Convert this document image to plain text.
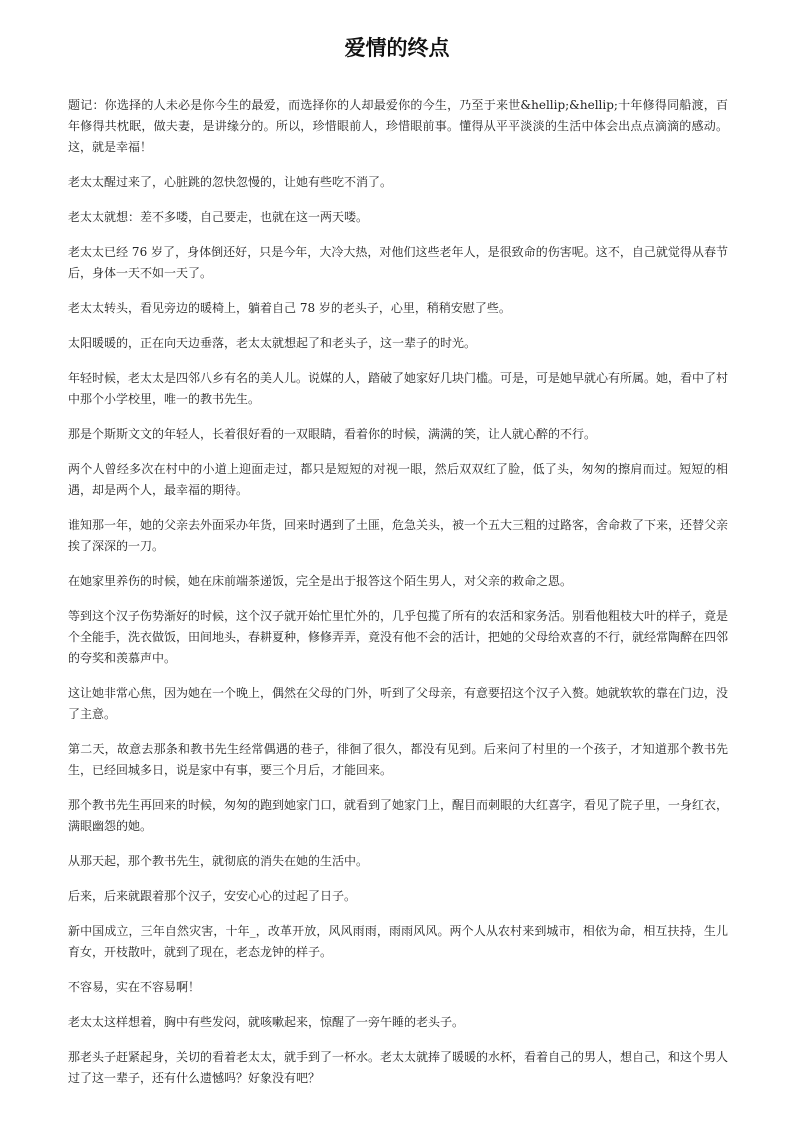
爱情的终点

题记：你选择的人未必是你今生的最爱，而选择你的人却最爱你的今生，乃至于来世&hellip;&hellip;十年修得同船渡，百年修得共枕眠，做夫妻，是讲缘分的。所以，珍惜眼前人，珍惜眼前事。懂得从平平淡淡的生活中体会出点点滴滴的感动。这，就是幸福！

老太太醒过来了，心脏跳的忽快忽慢的，让她有些吃不消了。

老太太就想：差不多喽，自己要走，也就在这一两天喽。

老太太已经 76 岁了，身体倒还好，只是今年，大冷大热，对他们这些老年人，是很致命的伤害呢。这不，自己就觉得从春节后，身体一天不如一天了。

老太太转头，看见旁边的暖椅上，躺着自己 78 岁的老头子，心里，稍稍安慰了些。

太阳暖暖的，正在向天边垂落，老太太就想起了和老头子，这一辈子的时光。

年轻时候，老太太是四邻八乡有名的美人儿。说媒的人，踏破了她家好几块门槛。可是，可是她早就心有所属。她，看中了村中那个小学校里，唯一的教书先生。

那是个斯斯文文的年轻人，长着很好看的一双眼睛，看着你的时候，满满的笑，让人就心醉的不行。

两个人曾经多次在村中的小道上迎面走过，都只是短短的对视一眼，然后双双红了脸，低了头，匆匆的擦肩而过。短短的相遇，却是两个人，最幸福的期待。

谁知那一年，她的父亲去外面采办年货，回来时遇到了土匪，危急关头，被一个五大三粗的过路客，舍命救了下来，还替父亲挨了深深的一刀。

在她家里养伤的时候，她在床前端茶递饭，完全是出于报答这个陌生男人，对父亲的救命之恩。

等到这个汉子伤势渐好的时候，这个汉子就开始忙里忙外的，几乎包揽了所有的农活和家务活。别看他粗枝大叶的样子，竟是个全能手，洗衣做饭，田间地头，春耕夏种，修修弄弄，竟没有他不会的活计，把她的父母给欢喜的不行，就经常陶醉在四邻的夸奖和羡慕声中。

这让她非常心焦，因为她在一个晚上，偶然在父母的门外，听到了父母亲，有意要招这个汉子入赘。她就软软的靠在门边，没了主意。

第二天，故意去那条和教书先生经常偶遇的巷子，徘徊了很久，都没有见到。后来问了村里的一个孩子，才知道那个教书先生，已经回城多日，说是家中有事，要三个月后，才能回来。

那个教书先生再回来的时候，匆匆的跑到她家门口，就看到了她家门上，醒目而刺眼的大红喜字，看见了院子里，一身红衣，满眼幽怨的她。

从那天起，那个教书先生，就彻底的消失在她的生活中。

后来，后来就跟着那个汉子，安安心心的过起了日子。

新中国成立，三年自然灾害，十年_，改革开放，风风雨雨，雨雨风风。两个人从农村来到城市，相依为命，相互扶持，生儿育女，开枝散叶，就到了现在，老态龙钟的样子。

不容易，实在不容易啊！

老太太这样想着，胸中有些发闷，就咳嗽起来，惊醒了一旁午睡的老头子。

那老头子赶紧起身，关切的看着老太太，就手到了一杯水。老太太就捧了暖暖的水杯，看着自己的男人，想自己，和这个男人过了这一辈子，还有什么遗憾吗？好象没有吧？
